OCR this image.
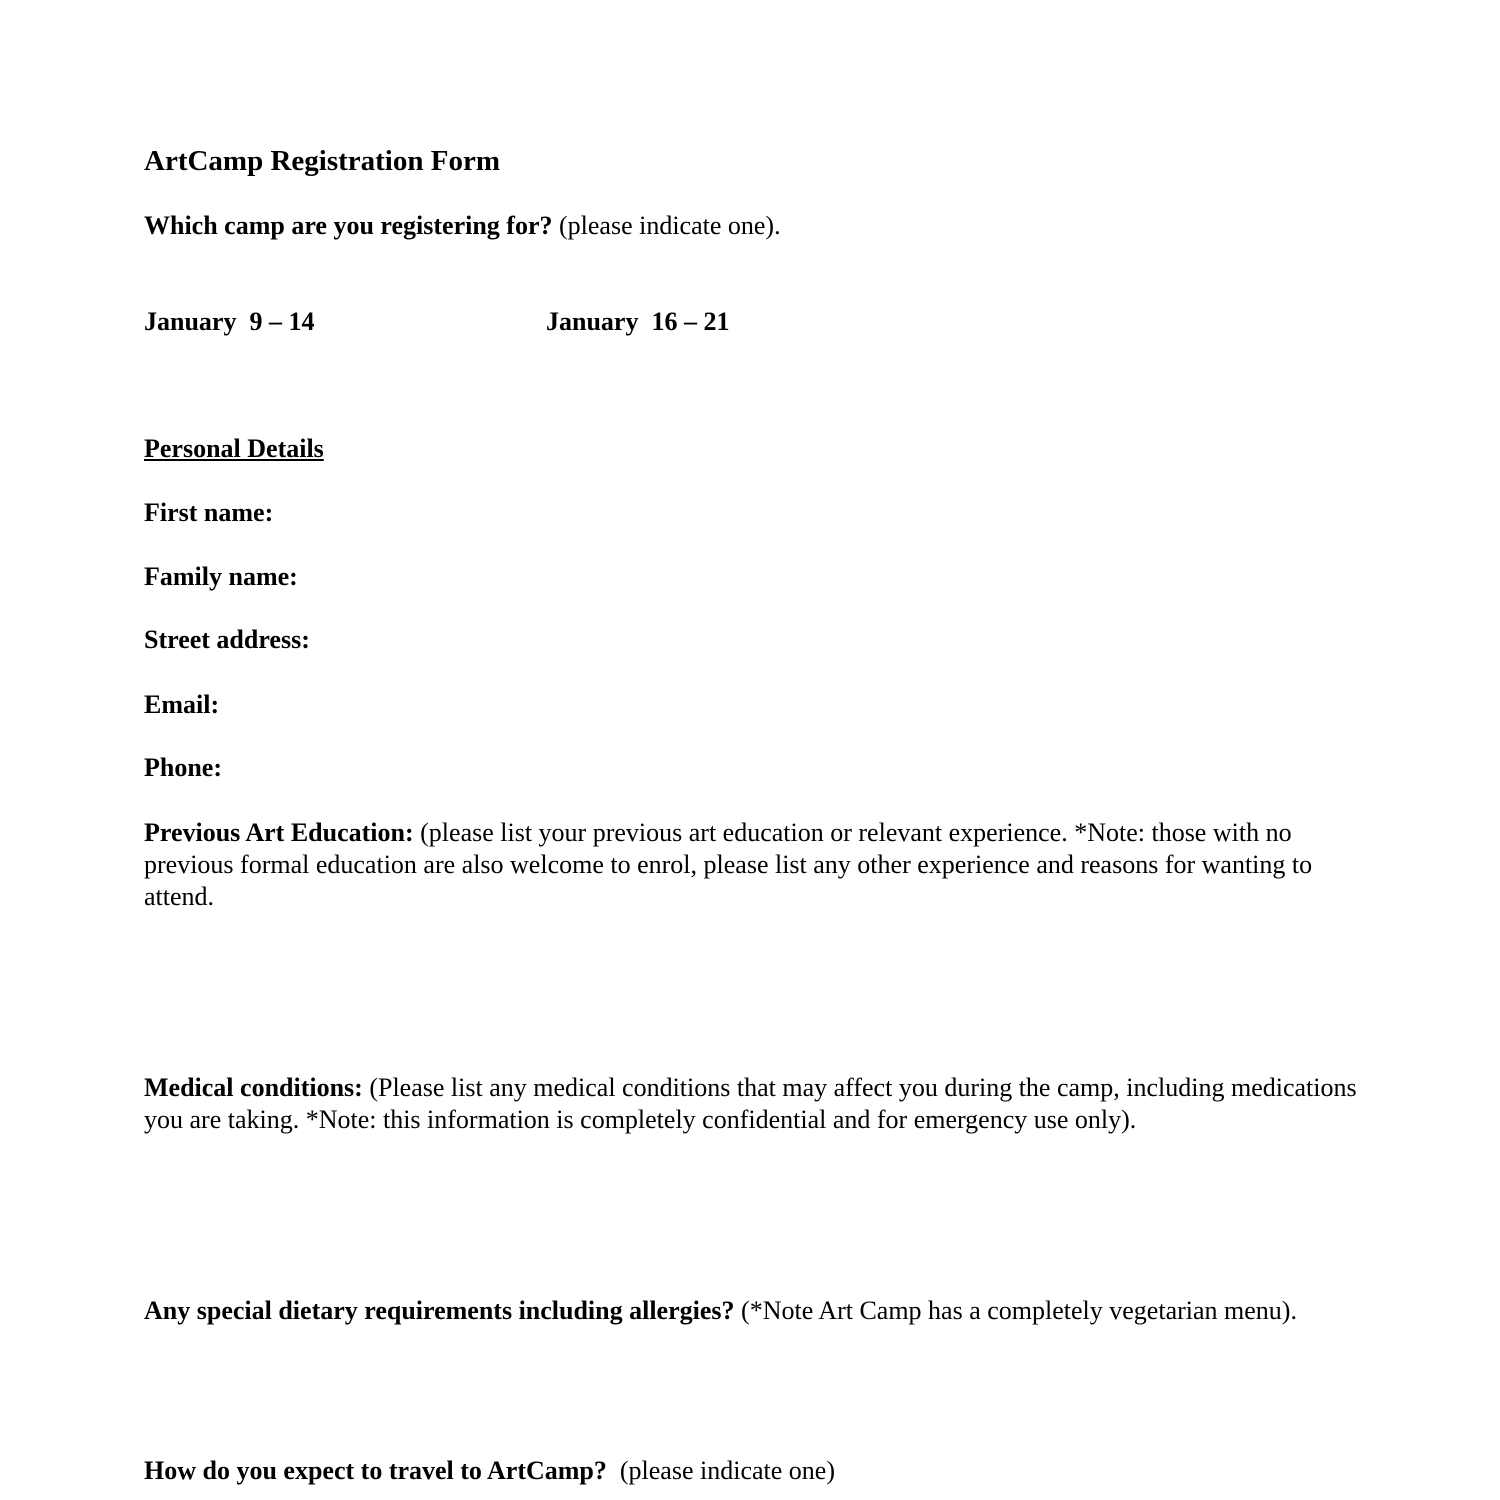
ArtCamp Registration Form
Which camp are you registering for? (please indicate one).
January  9 – 14	January  16 – 21
Personal Details
First name:
Family name:
Street address:
Email:
Phone:
Previous Art Education: (please list your previous art education or relevant experience. *Note: those with no previous formal education are also welcome to enrol, please list any other experience and reasons for wanting to attend.
Medical conditions: (Please list any medical conditions that may affect you during the camp, including medications you are taking. *Note: this information is completely confidential and for emergency use only).
Any special dietary requirements including allergies? (*Note Art Camp has a completely vegetarian menu).
How do you expect to travel to ArtCamp?  (please indicate one)
